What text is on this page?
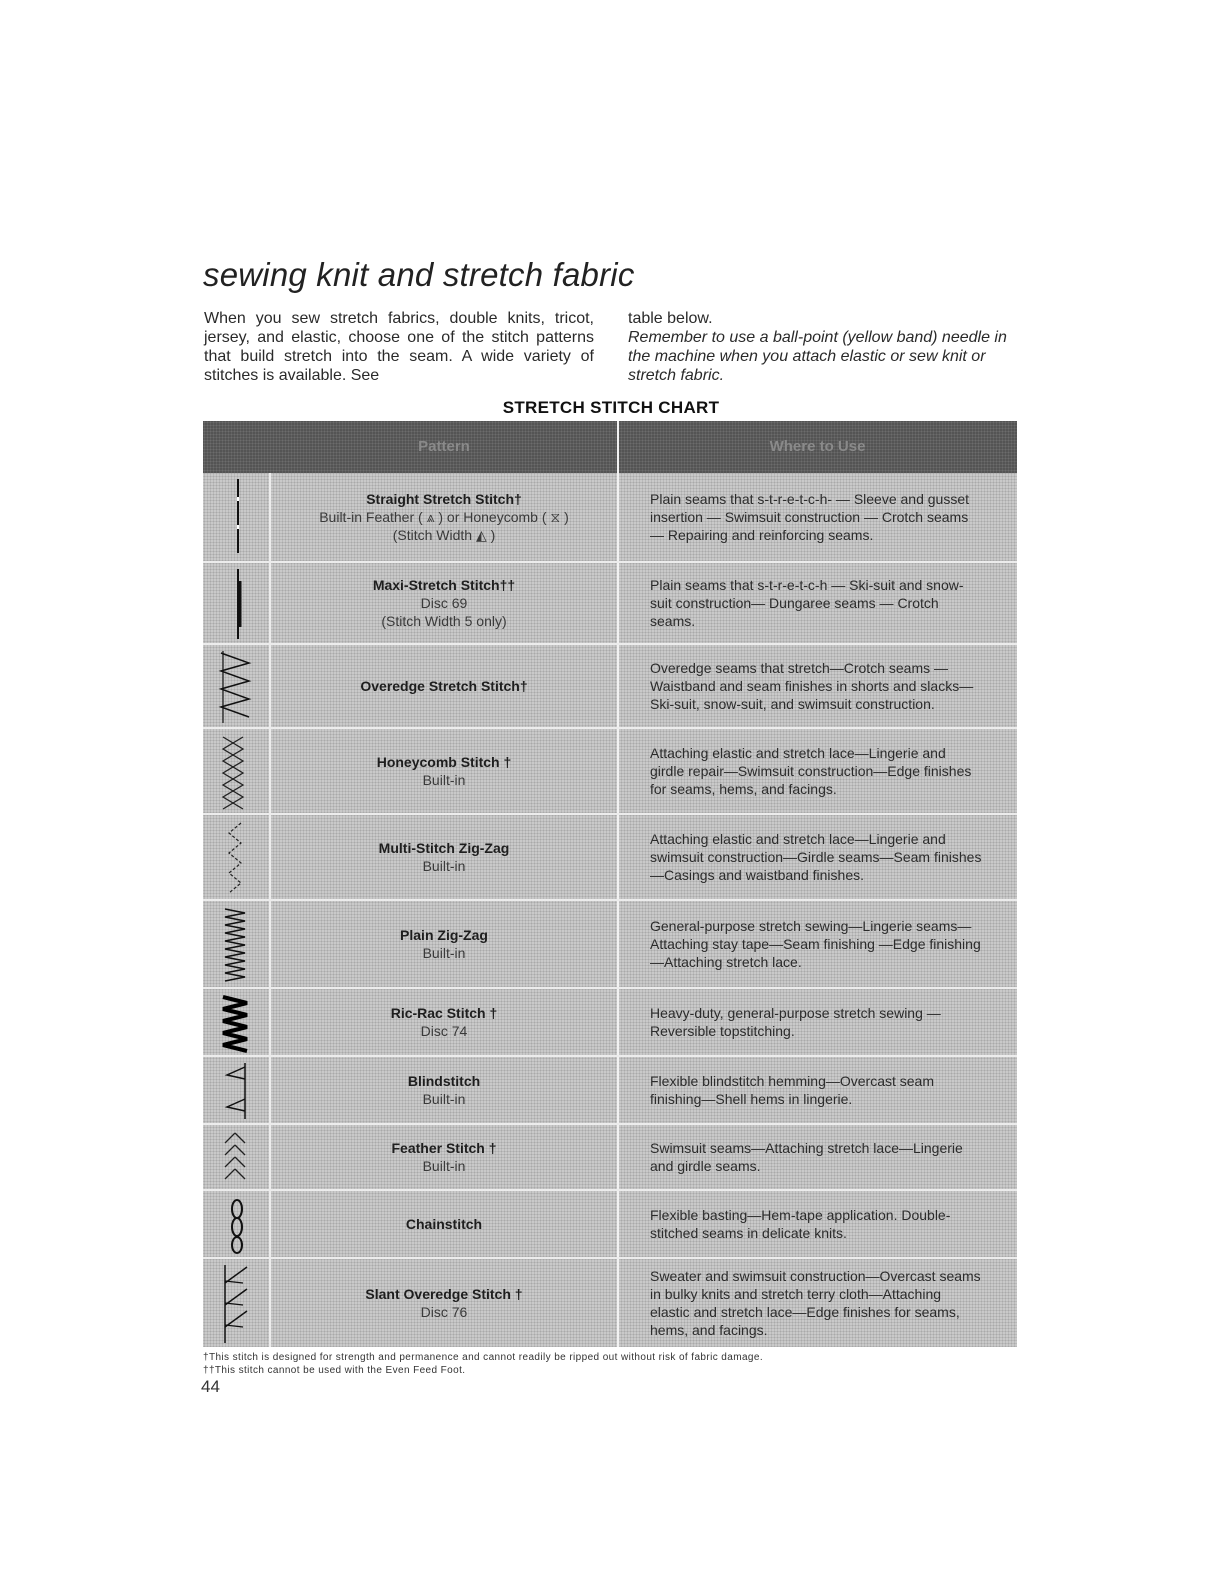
sewing knit and stretch fabric
When you sew stretch fabrics, double knits, tricot, jersey, and elastic, choose one of the stitch patterns that build stretch into the seam. A wide variety of stitches is available. See
table below.
Remember to use a ball-point (yellow band) needle in the machine when you attach elastic or sew knit or stretch fabric.
STRETCH STITCH CHART
Pattern	Where to Use
Straight Stretch Stitch†
Built-in Feather ( ⩓ ) or Honeycomb ( ⧖ )
(Stitch Width ◭ )
Plain seams that s-t-r-e-t-c-h- — Sleeve and gusset insertion — Swimsuit construction — Crotch seams — Repairing and reinforcing seams.
Maxi-Stretch Stitch††
Disc 69
(Stitch Width 5 only)
Plain seams that s-t-r-e-t-c-h — Ski-suit and snow-suit construction— Dungaree seams — Crotch seams.
Overedge Stretch Stitch†
Overedge seams that stretch—Crotch seams —Waistband and seam finishes in shorts and slacks—Ski-suit, snow-suit, and swimsuit construction.
Honeycomb Stitch †
Built-in
Attaching elastic and stretch lace—Lingerie and girdle repair—Swimsuit construction—Edge finishes for seams, hems, and facings.
Multi-Stitch Zig-Zag
Built-in
Attaching elastic and stretch lace—Lingerie and swimsuit construction—Girdle seams—Seam finishes—Casings and waistband finishes.
Plain Zig-Zag
Built-in
General-purpose stretch sewing—Lingerie seams—Attaching stay tape—Seam finishing —Edge finishing—Attaching stretch lace.
Ric-Rac Stitch †
Disc 74
Heavy-duty, general-purpose stretch sewing —Reversible topstitching.
Blindstitch
Built-in
Flexible blindstitch hemming—Overcast seam finishing—Shell hems in lingerie.
Feather Stitch †
Built-in
Swimsuit seams—Attaching stretch lace—Lingerie and girdle seams.
Chainstitch
Flexible basting—Hem-tape application. Double-stitched seams in delicate knits.
Slant Overedge Stitch †
Disc 76
Sweater and swimsuit construction—Overcast seams in bulky knits and stretch terry cloth—Attaching elastic and stretch lace—Edge finishes for seams, hems, and facings.
†This stitch is designed for strength and permanence and cannot readily be ripped out without risk of fabric damage.
††This stitch cannot be used with the Even Feed Foot.
44
